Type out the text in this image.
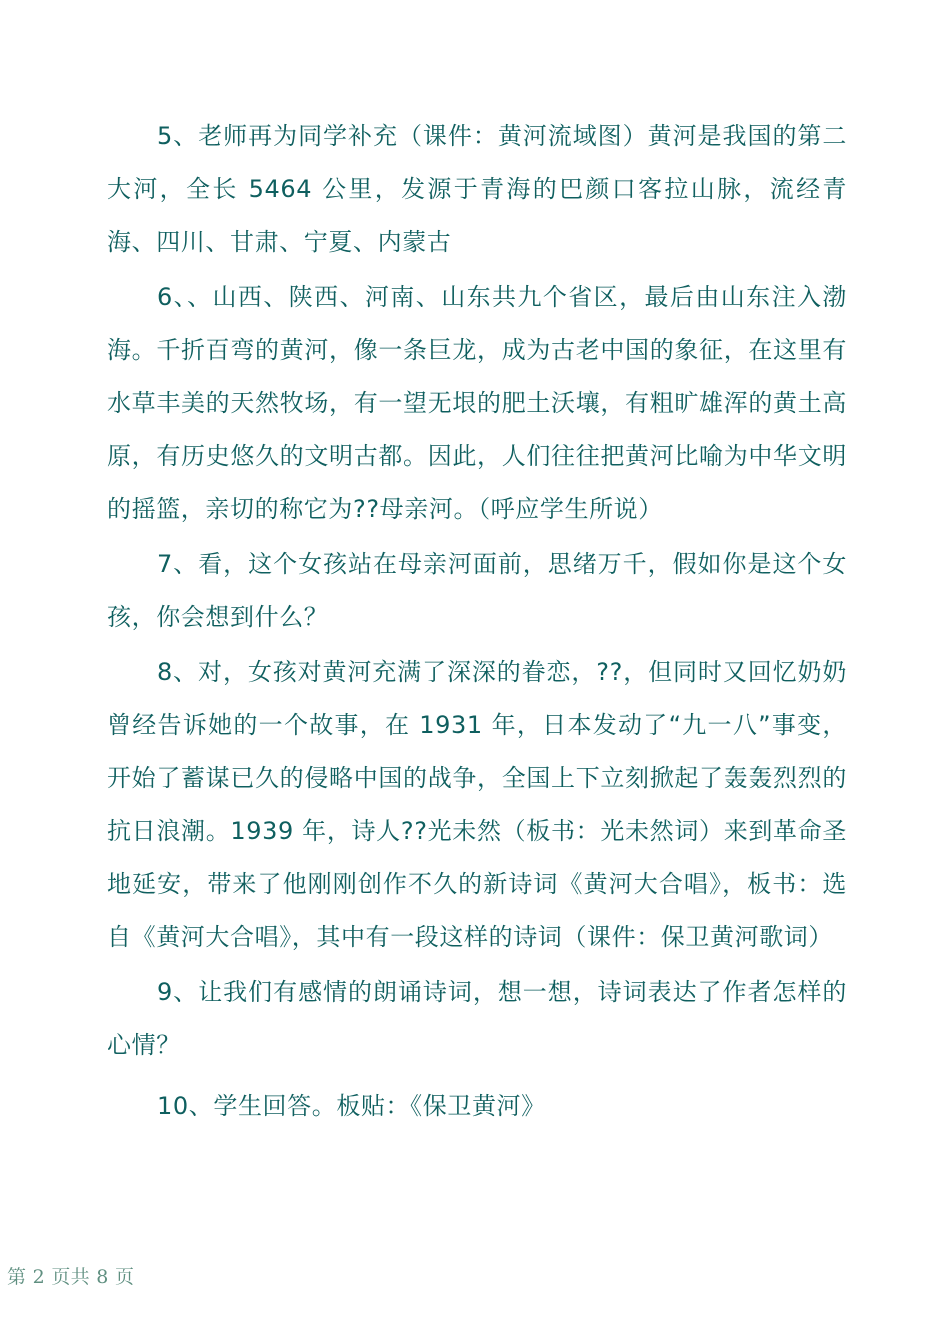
5、老师再为同学补充（课件：黄河流域图）黄河是我国的第二大河，全长 5464 公里，发源于青海的巴颜口客拉山脉，流经青海、四川、甘肃、宁夏、内蒙古

6、、山西、陕西、河南、山东共九个省区，最后由山东注入渤海。千折百弯的黄河，像一条巨龙，成为古老中国的象征，在这里有水草丰美的天然牧场，有一望无垠的肥土沃壤，有粗旷雄浑的黄土高原，有历史悠久的文明古都。因此，人们往往把黄河比喻为中华文明的摇篮，亲切的称它为??母亲河。（呼应学生所说）

7、看，这个女孩站在母亲河面前，思绪万千，假如你是这个女孩，你会想到什么？

8、对，女孩对黄河充满了深深的眷恋，??，但同时又回忆奶奶曾经告诉她的一个故事，在 1931 年，日本发动了“九一八”事变，开始了蓄谋已久的侵略中国的战争，全国上下立刻掀起了轰轰烈烈的抗日浪潮。1939 年，诗人??光未然（板书：光未然词）来到革命圣地延安，带来了他刚刚创作不久的新诗词《黄河大合唱》，板书：选自《黄河大合唱》，其中有一段这样的诗词（课件：保卫黄河歌词）

9、让我们有感情的朗诵诗词，想一想，诗词表达了作者怎样的心情？

10、学生回答。板贴：《保卫黄河》

第 2 页共 8 页
